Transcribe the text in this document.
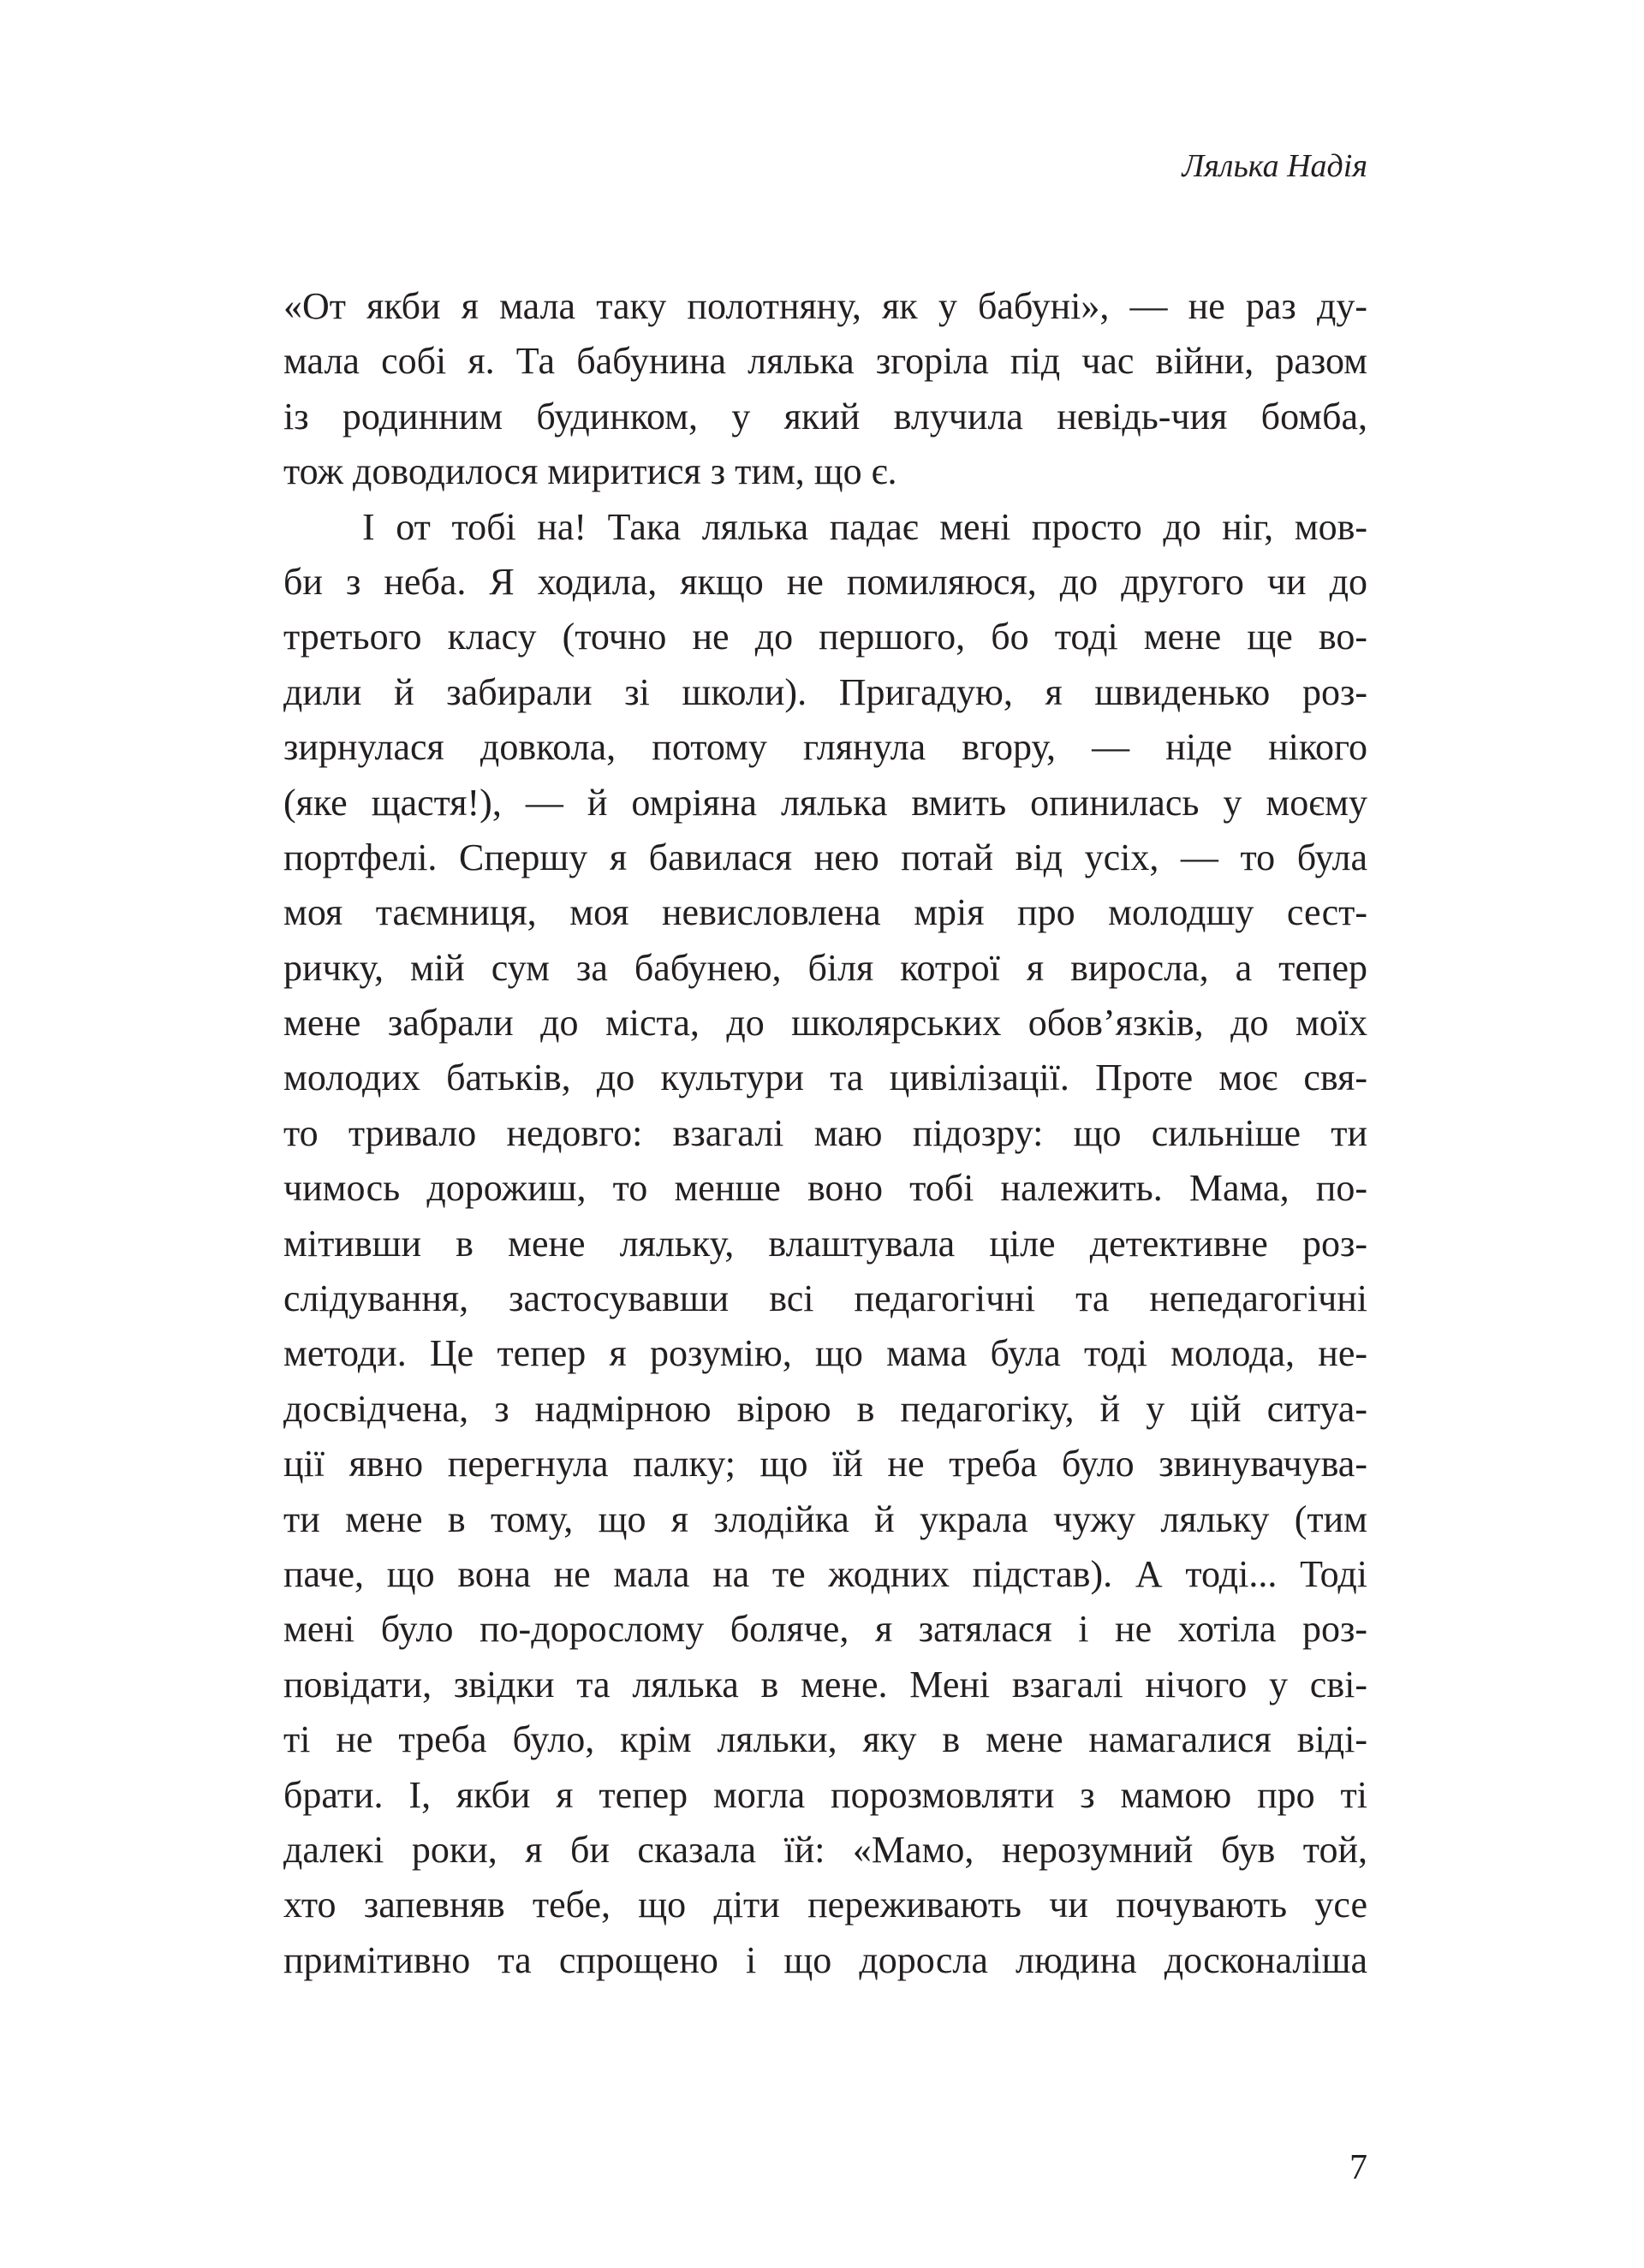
Лялька Надія
«От якби я мала таку полотняну, як у бабуні», — не раз ду-
мала собі я. Та бабунина лялька згоріла під час війни, разом
із родинним будинком, у який влучила невідь-чия бомба,
тож доводилося миритися з тим, що є.
І от тобі на! Така лялька падає мені просто до ніг, мов-
би з неба. Я ходила, якщо не помиляюся, до другого чи до
третього класу (точно не до першого, бо тоді мене ще во-
дили й забирали зі школи). Пригадую, я швиденько роз-
зирнулася довкола, потому глянула вгору, — ніде нікого
(яке щастя!), — й омріяна лялька вмить опинилась у моєму
портфелі. Спершу я бавилася нею потай від усіх, — то була
моя таємниця, моя невисловлена мрія про молодшу сест-
ричку, мій сум за бабунею, біля котрої я виросла, а тепер
мене забрали до міста, до школярських обов’язків, до моїх
молодих батьків, до культури та цивілізації. Проте моє свя-
то тривало недовго: взагалі маю підозру: що сильніше ти
чимось дорожиш, то менше воно тобі належить. Мама, по-
мітивши в мене ляльку, влаштувала ціле детективне роз-
слідування, застосувавши всі педагогічні та непедагогічні
методи. Це тепер я розумію, що мама була тоді молода, не-
досвідчена, з надмірною вірою в педагогіку, й у цій ситуа-
ції явно перегнула палку; що їй не треба було звинувачува-
ти мене в тому, що я злодійка й украла чужу ляльку (тим
паче, що вона не мала на те жодних підстав). А тоді... Тоді
мені було по-дорослому боляче, я затялася і не хотіла роз-
повідати, звідки та лялька в мене. Мені взагалі нічого у сві-
ті не треба було, крім ляльки, яку в мене намагалися віді-
брати. І, якби я тепер могла порозмовляти з мамою про ті
далекі роки, я би сказала їй: «Мамо, нерозумний був той,
хто запевняв тебе, що діти переживають чи почувають усе
примітивно та спрощено і що доросла людина досконаліша
7
